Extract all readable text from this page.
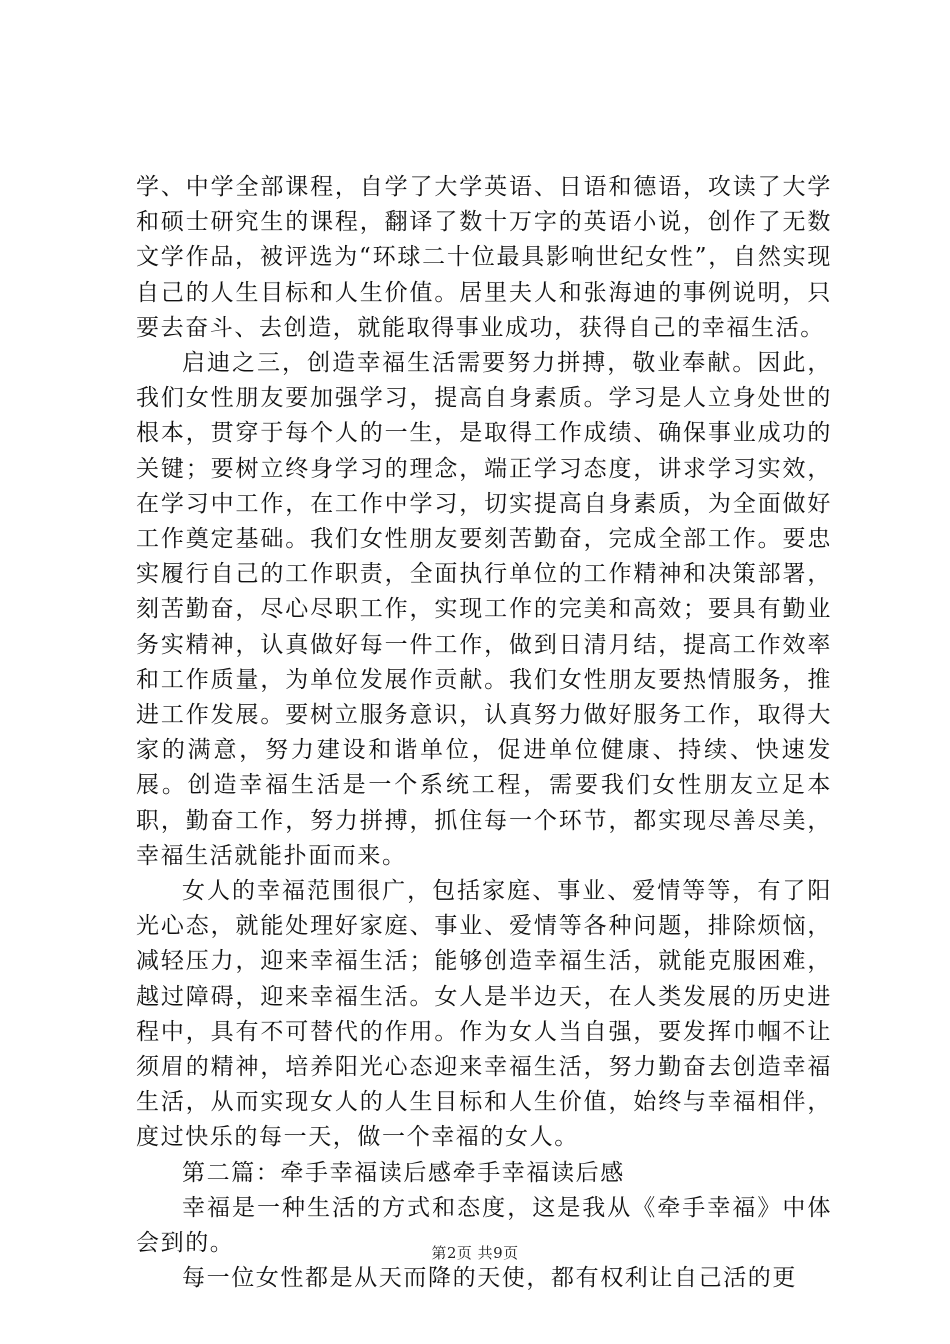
学、中学全部课程，自学了大学英语、日语和德语，攻读了大学和硕士研究生的课程，翻译了数十万字的英语小说，创作了无数文学作品，被评选为“环球二十位最具影响世纪女性”，自然实现自己的人生目标和人生价值。居里夫人和张海迪的事例说明，只要去奋斗、去创造，就能取得事业成功，获得自己的幸福生活。

启迪之三，创造幸福生活需要努力拼搏，敬业奉献。因此，我们女性朋友要加强学习，提高自身素质。学习是人立身处世的根本，贯穿于每个人的一生，是取得工作成绩、确保事业成功的关键；要树立终身学习的理念，端正学习态度，讲求学习实效，在学习中工作，在工作中学习，切实提高自身素质，为全面做好工作奠定基础。我们女性朋友要刻苦勤奋，完成全部工作。要忠实履行自己的工作职责，全面执行单位的工作精神和决策部署，刻苦勤奋，尽心尽职工作，实现工作的完美和高效；要具有勤业务实精神，认真做好每一件工作，做到日清月结，提高工作效率和工作质量，为单位发展作贡献。我们女性朋友要热情服务，推进工作发展。要树立服务意识，认真努力做好服务工作，取得大家的满意，努力建设和谐单位，促进单位健康、持续、快速发展。创造幸福生活是一个系统工程，需要我们女性朋友立足本职，勤奋工作，努力拼搏，抓住每一个环节，都实现尽善尽美，幸福生活就能扑面而来。

女人的幸福范围很广，包括家庭、事业、爱情等等，有了阳光心态，就能处理好家庭、事业、爱情等各种问题，排除烦恼，减轻压力，迎来幸福生活；能够创造幸福生活，就能克服困难，越过障碍，迎来幸福生活。女人是半边天，在人类发展的历史进程中，具有不可替代的作用。作为女人当自强，要发挥巾帼不让须眉的精神，培养阳光心态迎来幸福生活，努力勤奋去创造幸福生活，从而实现女人的人生目标和人生价值，始终与幸福相伴，度过快乐的每一天，做一个幸福的女人。

第二篇：牵手幸福读后感牵手幸福读后感

幸福是一种生活的方式和态度，这是我从《牵手幸福》中体会到的。

每一位女性都是从天而降的天使，都有权利让自己活的更

第2页 共9页
